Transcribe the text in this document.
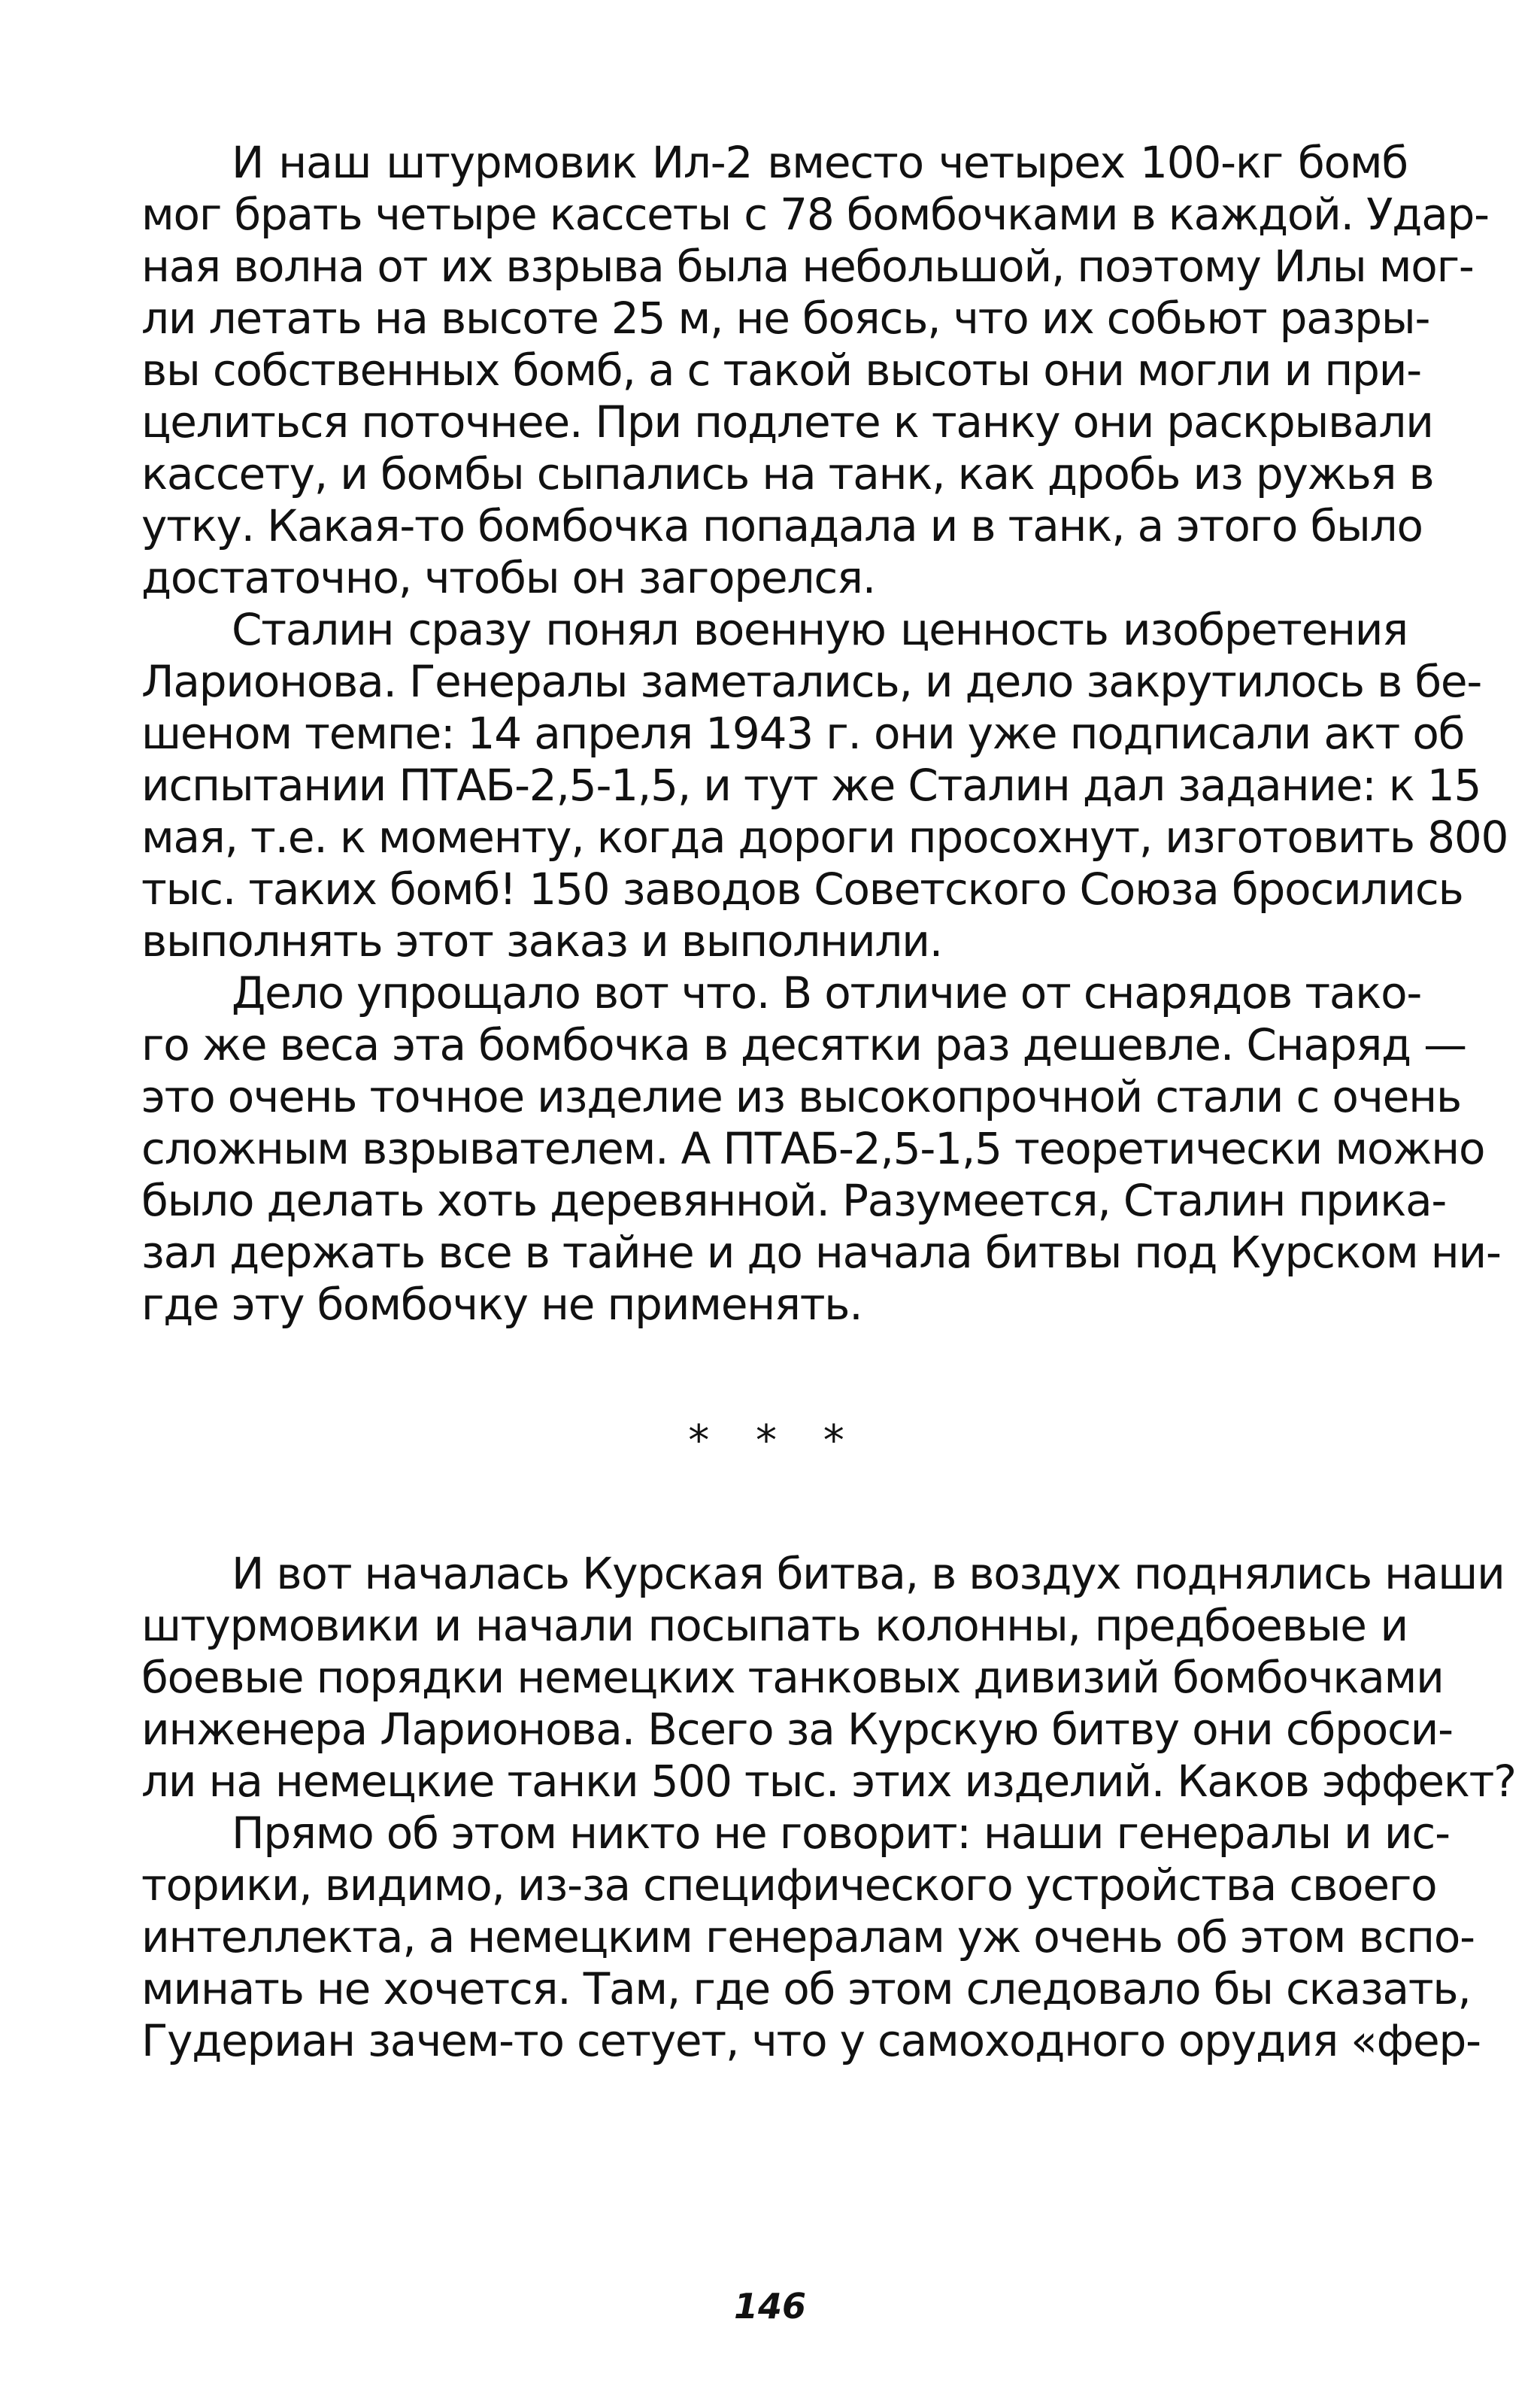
И наш штурмовик Ил-2 вместо четырех 100-кг бомб
мог брать четыре кассеты с 78 бомбочками в каждой. Удар-
ная волна от их взрыва была небольшой, поэтому Илы мог-
ли летать на высоте 25 м, не боясь, что их собьют разры-
вы собственных бомб, а с такой высоты они могли и при-
целиться поточнее. При подлете к танку они раскрывали
кассету, и бомбы сыпались на танк, как дробь из ружья в
утку. Какая-то бомбочка попадала и в танк, а этого было
достаточно, чтобы он загорелся.
Сталин сразу понял военную ценность изобретения
Ларионова. Генералы заметались, и дело закрутилось в бе-
шеном темпе: 14 апреля 1943 г. они уже подписали акт об
испытании ПТАБ-2,5-1,5, и тут же Сталин дал задание: к 15
мая, т.е. к моменту, когда дороги просохнут, изготовить 800
тыс. таких бомб! 150 заводов Советского Союза бросились
выполнять этот заказ и выполнили.
Дело упрощало вот что. В отличие от снарядов тако-
го же веса эта бомбочка в десятки раз дешевле. Снаряд —
это очень точное изделие из высокопрочной стали с очень
сложным взрывателем. А ПТАБ-2,5-1,5 теоретически можно
было делать хоть деревянной. Разумеется, Сталин прика-
зал держать все в тайне и до начала битвы под Курском ни-
где эту бомбочку не применять.
* * *
И вот началась Курская битва, в воздух поднялись наши
штурмовики и начали посыпать колонны, предбоевые и
боевые порядки немецких танковых дивизий бомбочками
инженера Ларионова. Всего за Курскую битву они сброси-
ли на немецкие танки 500 тыс. этих изделий. Каков эффект?
Прямо об этом никто не говорит: наши генералы и ис-
торики, видимо, из-за специфического устройства своего
интеллекта, а немецким генералам уж очень об этом вспо-
минать не хочется. Там, где об этом следовало бы сказать,
Гудериан зачем-то сетует, что у самоходного орудия «фер-
146
